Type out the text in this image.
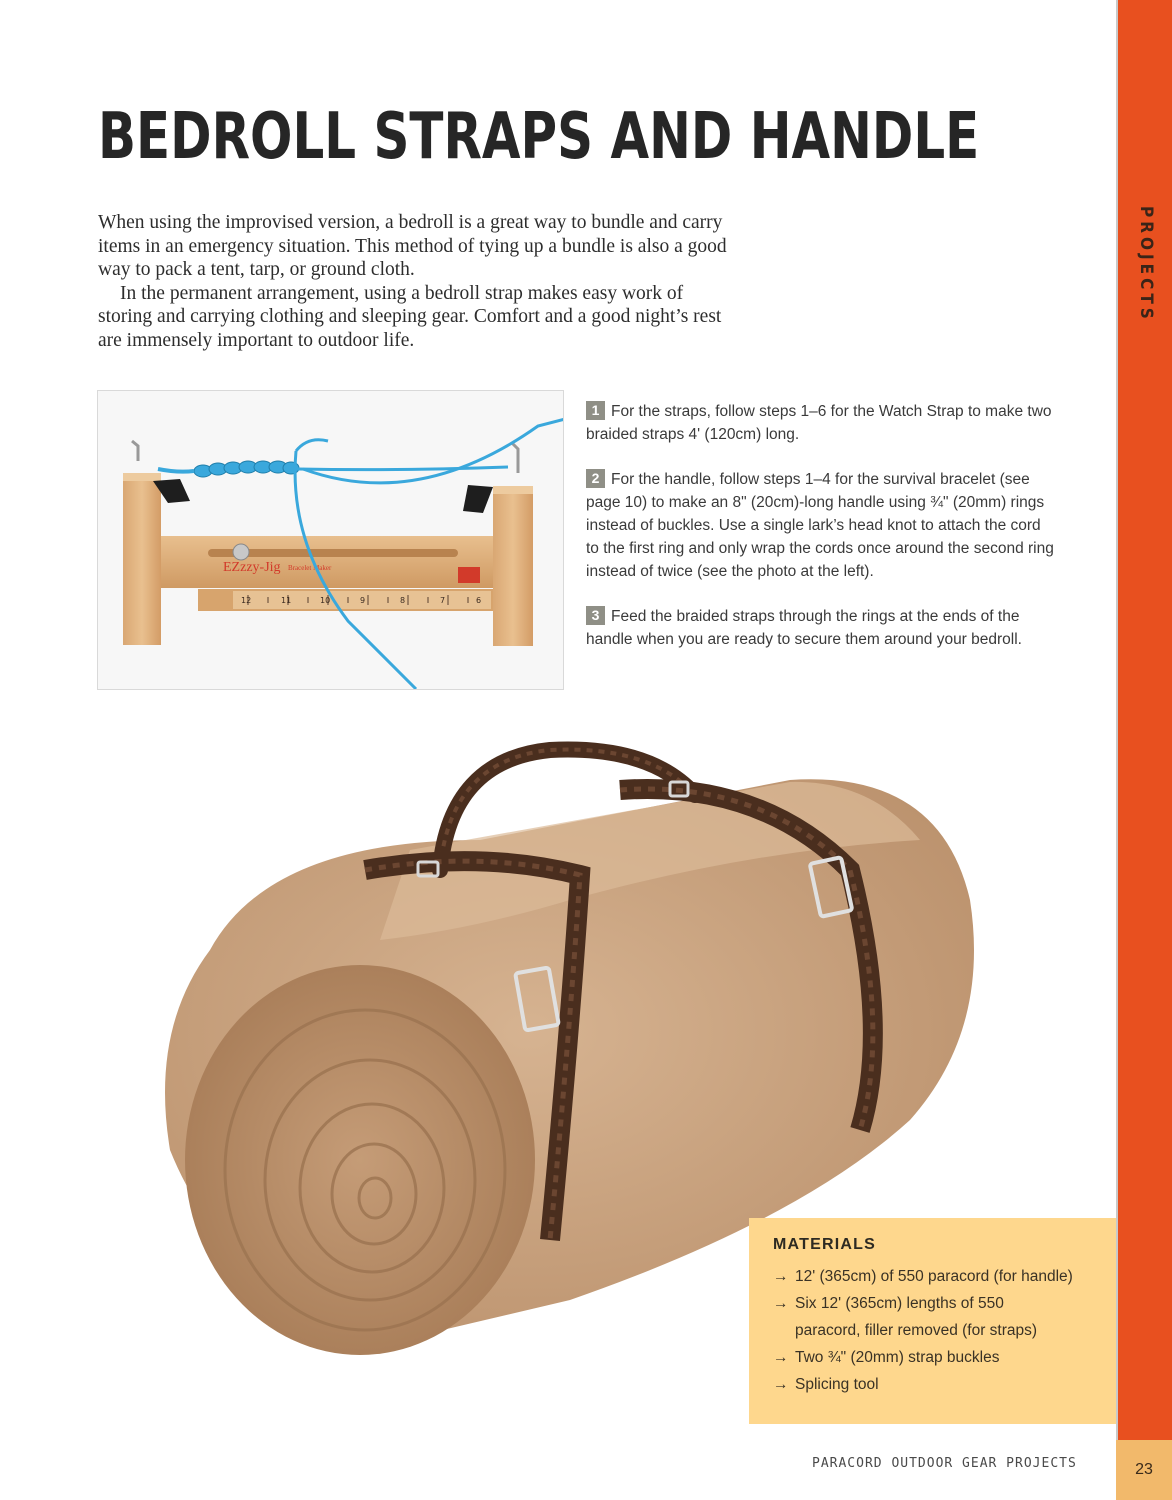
23
BEDROLL STRAPS AND HANDLE

When using the improvised version, a bedroll is a great way to bundle and carry items in an emergency situation. This method of tying up a bundle is also a good way to pack a tent, tarp, or ground cloth.

In the permanent arrangement, using a bedroll strap makes easy work of storing and carrying clothing and sleeping gear. Comfort and a good night’s rest are immensely important to outdoor life.

12	11	10	9	8	7	6
EZzzy-Jig Bracelet Maker
1 For the straps, follow steps 1–6 for the Watch Strap to make two braided straps 4' (120cm) long.
2 For the handle, follow steps 1–4 for the survival bracelet (see page 10) to make an 8" (20cm)-long handle using ¾" (20mm) rings instead of buckles. Use a single lark’s head knot to attach the cord to the first ring and only wrap the cords once around the second ring instead of twice (see the photo at the left).
3 Feed the braided straps through the rings at the ends of the handle when you are ready to secure them around your bedroll.
MATERIALS
→ 12' (365cm) of 550 paracord (for handle)
→ Six 12' (365cm) lengths of 550 paracord, filler removed (for straps)
→ Two ¾" (20mm) strap buckles
→ Splicing tool
PARACORD OUTDOOR GEAR PROJECTS
